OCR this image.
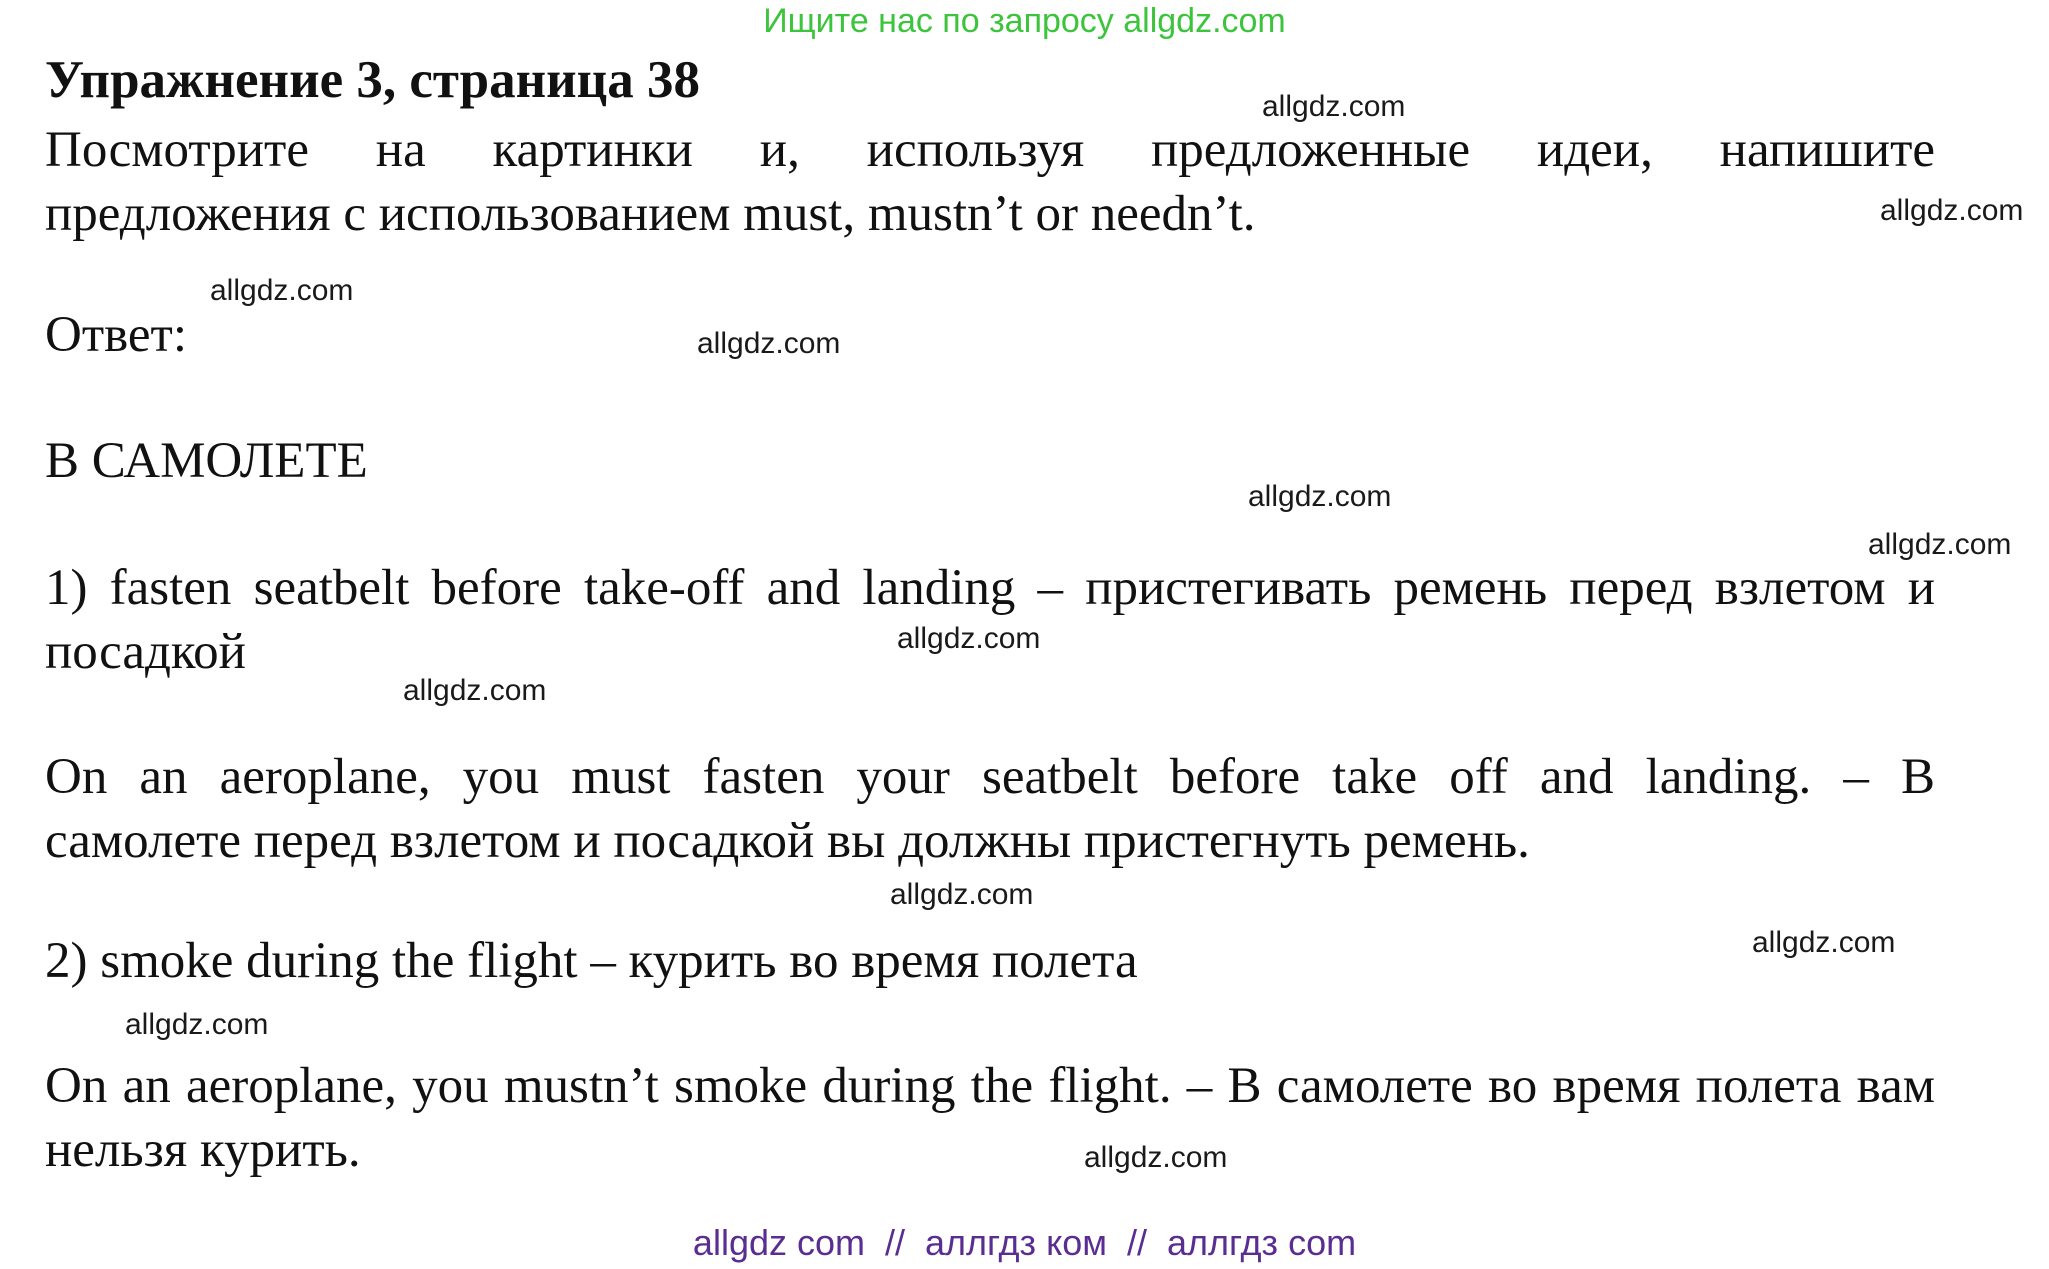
Ищите нас по запросу allgdz.com
Упражнение 3, страница 38
Посмотрите на картинки и, используя предложенные идеи, напишите
предложения с использованием must, mustn’t or needn’t.
Ответ:
В САМОЛЕТЕ
1) fasten seatbelt before take-off and landing – пристегивать ремень перед взлетом и посадкой
On an aeroplane, you must fasten your seatbelt before take off and landing. – В
самолете перед взлетом и посадкой вы должны пристегнуть ремень.
2) smoke during the flight – курить во время полета
On an aeroplane, you mustn’t smoke during the flight. – В самолете во время полета вам нельзя курить.
allgdz.com
allgdz.com
allgdz.com
allgdz.com
allgdz.com
allgdz.com
allgdz.com
allgdz.com
allgdz.com
allgdz.com
allgdz.com
allgdz.com
allgdz com  //  аллгдз ком  //  аллгдз com
